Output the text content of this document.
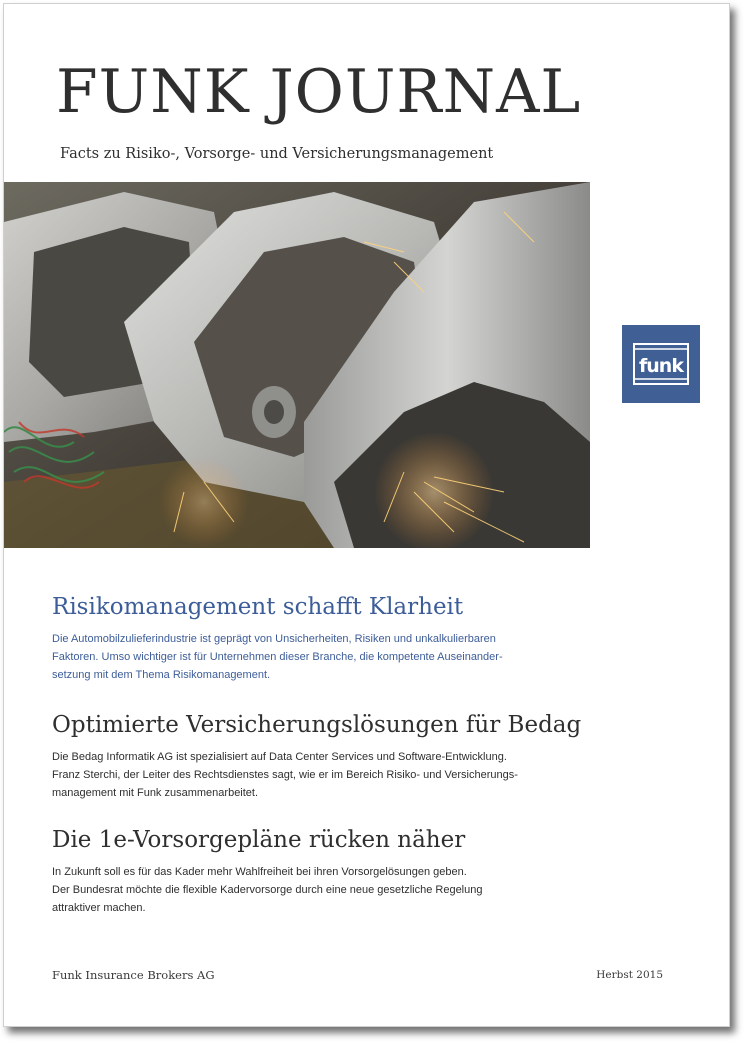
FUNK JOURNAL
Facts zu Risiko-, Vorsorge- und Versicherungsmanagement
funk
Risikomanagement schafft Klarheit

Die Automobilzulieferindustrie ist geprägt von Unsicherheiten, Risiken und unkalkulierbaren
Faktoren. Umso wichtiger ist für Unternehmen dieser Branche, die kompetente Auseinander-
setzung mit dem Thema Risikomanagement.

Optimierte Versicherungslösungen für Bedag

Die Bedag Informatik AG ist spezialisiert auf Data Center Services und Software-Entwicklung.
Franz Sterchi, der Leiter des Rechtsdienstes sagt, wie er im Bereich Risiko- und Versicherungs-
management mit Funk zusammenarbeitet.

Die 1e-Vorsorgepläne rücken näher

In Zukunft soll es für das Kader mehr Wahlfreiheit bei ihren Vorsorgelösungen geben.
Der Bundesrat möchte die flexible Kadervorsorge durch eine neue gesetzliche Regelung
attraktiver machen.

Funk Insurance Brokers AG	Herbst 2015
